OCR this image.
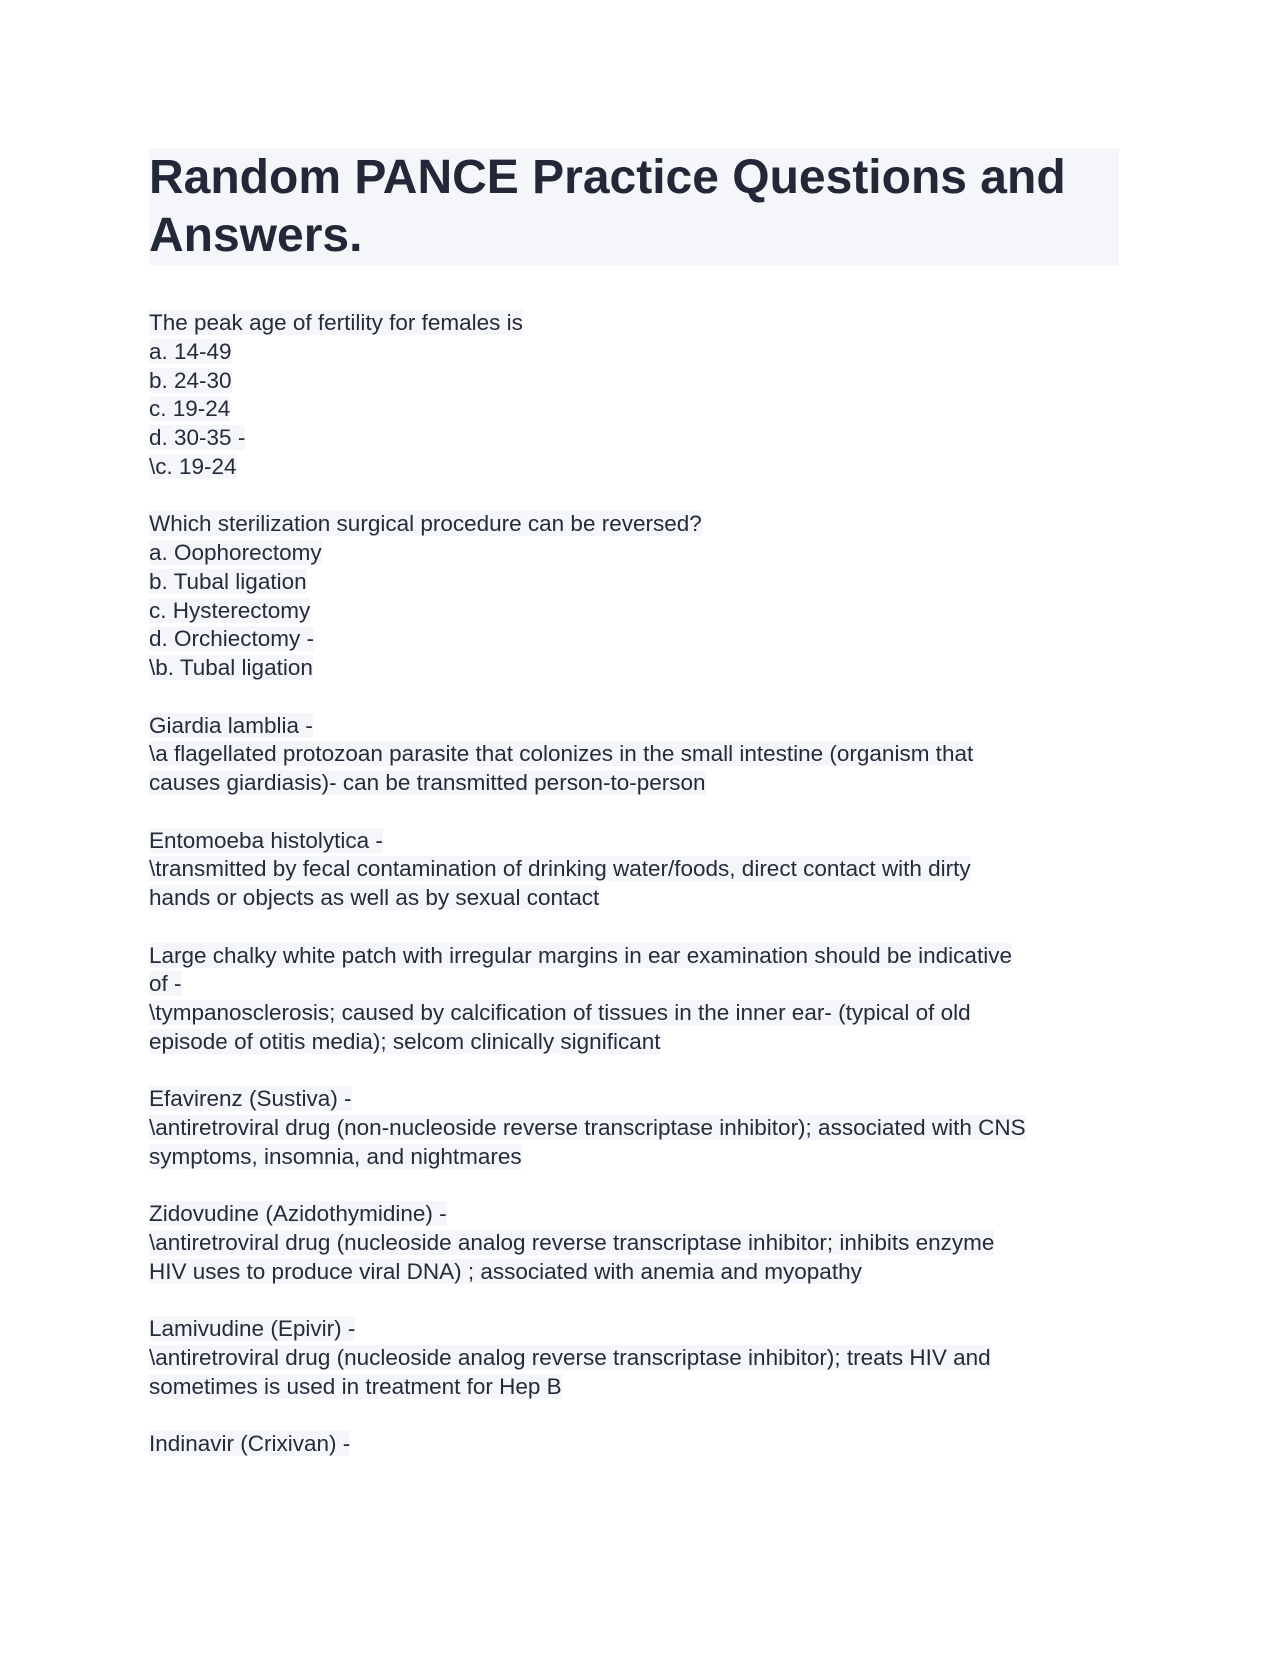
Random PANCE Practice Questions and Answers.
The peak age of fertility for females is
a. 14-49
b. 24-30
c. 19-24
d. 30-35 -
\c. 19-24
Which sterilization surgical procedure can be reversed?
a. Oophorectomy
b. Tubal ligation
c. Hysterectomy
d. Orchiectomy -
\b. Tubal ligation
Giardia lamblia -
\a flagellated protozoan parasite that colonizes in the small intestine (organism that
causes giardiasis)- can be transmitted person-to-person
Entomoeba histolytica -
\transmitted by fecal contamination of drinking water/foods, direct contact with dirty
hands or objects as well as by sexual contact
Large chalky white patch with irregular margins in ear examination should be indicative
of -
\tympanosclerosis; caused by calcification of tissues in the inner ear- (typical of old
episode of otitis media); selcom clinically significant
Efavirenz (Sustiva) -
\antiretroviral drug (non-nucleoside reverse transcriptase inhibitor); associated with CNS
symptoms, insomnia, and nightmares
Zidovudine (Azidothymidine) -
\antiretroviral drug (nucleoside analog reverse transcriptase inhibitor; inhibits enzyme
HIV uses to produce viral DNA) ; associated with anemia and myopathy
Lamivudine (Epivir) -
\antiretroviral drug (nucleoside analog reverse transcriptase inhibitor); treats HIV and
sometimes is used in treatment for Hep B
Indinavir (Crixivan) -
